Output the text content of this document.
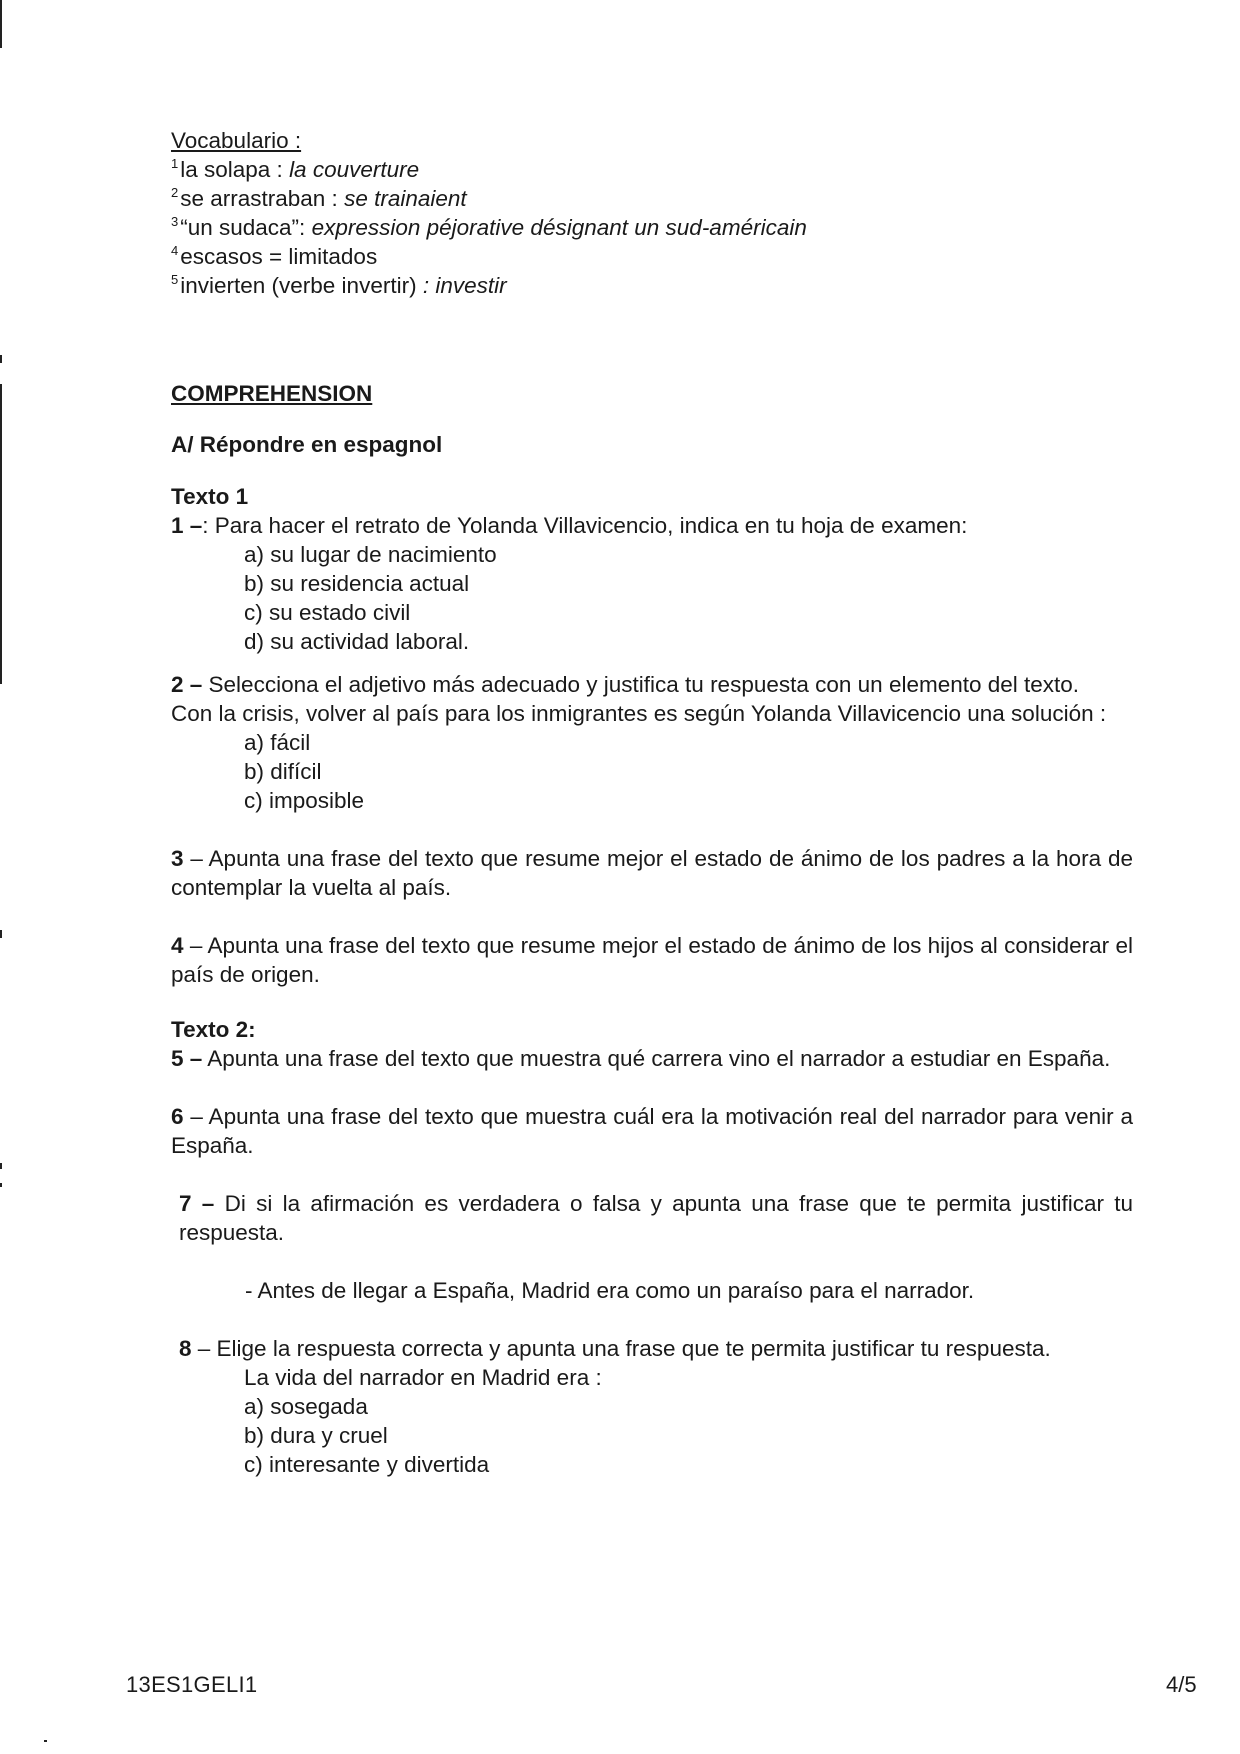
Vocabulario :
$^1$la solapa : la couverture
$^2$se arrastraban : se trainaient
$^3$“un sudaca”: expression péjorative désignant un sud-américain
$^4$escasos = limitados
$^5$invierten (verbe invertir) : investir
COMPREHENSION
A/ Répondre en espagnol
Texto 1
1 –: Para hacer el retrato de Yolanda Villavicencio, indica en tu hoja de examen:
a) su lugar de nacimiento
b) su residencia actual
c) su estado civil
d) su actividad laboral.
2 – Selecciona el adjetivo más adecuado y justifica tu respuesta con un elemento del texto.
Con la crisis, volver al país para los inmigrantes es según Yolanda Villavicencio una solución :
a) fácil
b) difícil
c) imposible
3 – Apunta una frase del texto que resume mejor el estado de ánimo de los padres a la hora de contemplar la vuelta al país.
4 – Apunta una frase del texto que resume mejor el estado de ánimo de los hijos al considerar el país de origen.
Texto 2:
5 – Apunta una frase del texto que muestra qué carrera vino el narrador a estudiar en España.
6 – Apunta una frase del texto que muestra cuál era la motivación real del narrador para venir a España.
7 – Di si la afirmación es verdadera o falsa y apunta una frase que te permita justificar tu respuesta.
- Antes de llegar a España, Madrid era como un paraíso para el narrador.
8 – Elige la respuesta correcta y apunta una frase que te permita justificar tu respuesta.
La vida del narrador en Madrid era :
a) sosegada
b) dura y cruel
c) interesante y divertida
13ES1GELI1	4/5
